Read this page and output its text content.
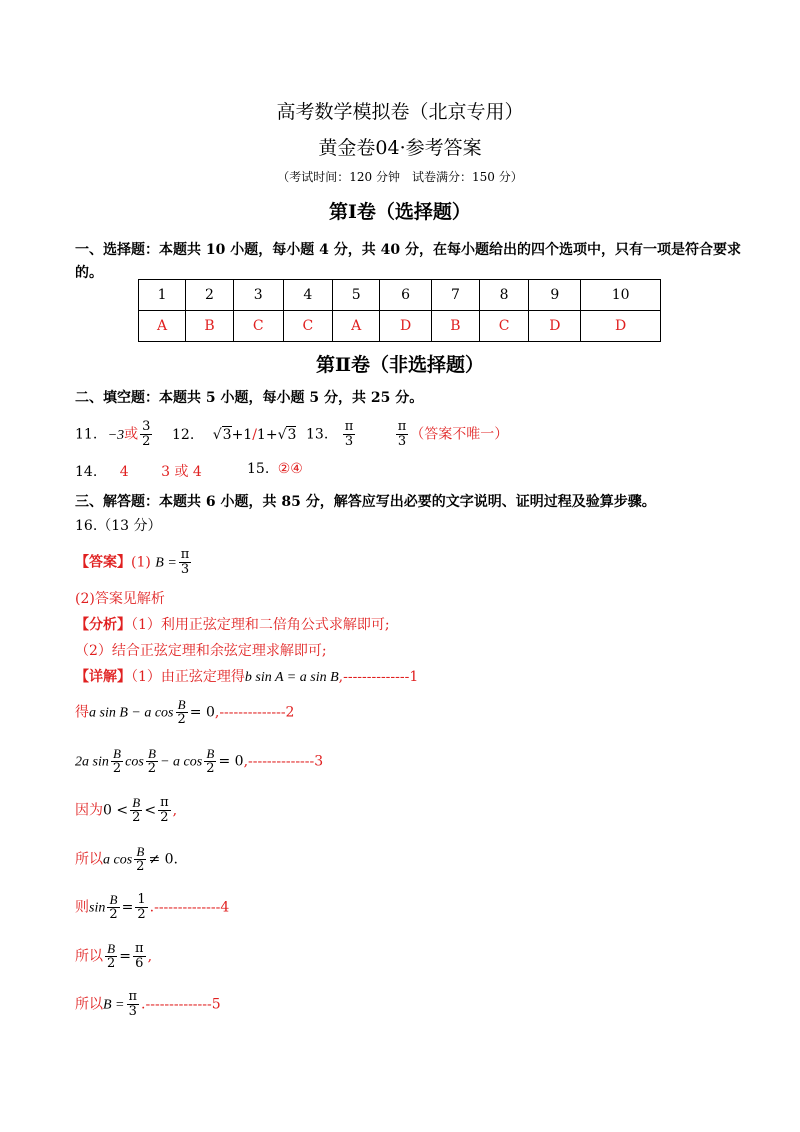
高考数学模拟卷（北京专用）
黄金卷04·参考答案
（考试时间：120 分钟　试卷满分：150 分）
第Ⅰ卷（选择题）
一、选择题：本题共 10 小题，每小题 4 分，共 40 分，在每小题给出的四个选项中，只有一项是符合要求
的。
1	2	3	4	5	6	7	8	9	10
A	B	C	C	A	D	B	C	D	D
第Ⅱ卷（非选择题）
二、填空题：本题共 5 小题，每小题 5 分，共 25 分。
11. −3或 $\frac{3}{2} 12$. √3+1/1+√3 13. $\frac{\pi}{3}$
	$\frac{\pi}{3}$ （答案不唯一）
14. 4 3 或 4	15. ②④
三、解答题：本题共 6 小题，共 85 分，解答应写出必要的文字说明、证明过程及验算步骤。
16.（13 分）
【答案】(1) $B = \frac{\pi}{3}$
(2)答案见解析
【分析】（1）利用正弦定理和二倍角公式求解即可;
（2）结合正弦定理和余弦定理求解即可;
【详解】（1）由正弦定理得b sin A = a sin B,--------------1
得a sin B − a $\cos \frac{B}{2} = 0,--------------2$
2a $\sin \frac{B}{2}$ $\cos \frac{B}{2} - a$ $\cos \frac{B}{2} = 0,--------------3$
因为$0 < \frac{B}{2} < \frac{\pi}{2}$ ,
所以a $\cos \frac{B}{2} \ne 0$.
则$\sin \frac{B}{2} = \frac{1}{2} .--------------4$
所以 $\frac{B}{2} = \frac{\pi}{6}$ ,
所以$B = \frac{\pi}{3} .--------------5$
